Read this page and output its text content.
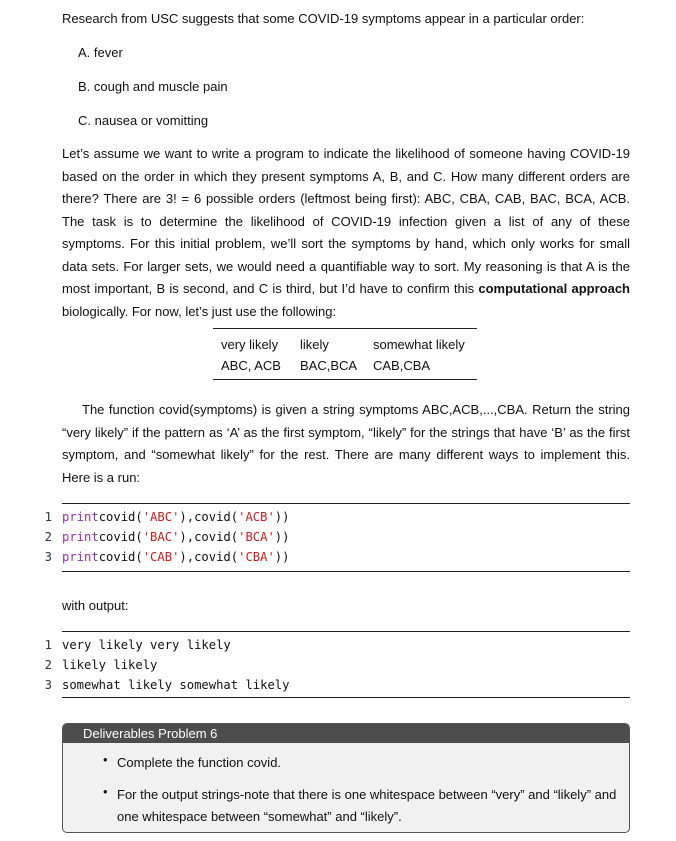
Research from USC suggests that some COVID-19 symptoms appear in a particular order:
A. fever
B. cough and muscle pain
C. nausea or vomitting
Let’s assume we want to write a program to indicate the likelihood of someone having COVID-19 based on the order in which they present symptoms A, B, and C. How many different orders are there? There are 3! = 6 possible orders (leftmost being first): ABC, CBA, CAB, BAC, BCA, ACB. The task is to determine the likelihood of COVID-19 infection given a list of any of these symptoms. For this initial problem, we’ll sort the symptoms by hand, which only works for small data sets. For larger sets, we would need a quantifiable way to sort. My reasoning is that A is the most important, B is second, and C is third, but I’d have to confirm this computational approach biologically. For now, let’s just use the following:
very likely likely	somewhat likely
ABC, ACB BAC,BCA CAB,CBA
The function covid(symptoms) is given a string symptoms ABC,ACB,...,CBA. Return the string “very likely” if the pattern as ‘A’ as the first symptom, “likely” for the strings that have ‘B’ as the first symptom, and “somewhat likely” for the rest. There are many different ways to implement this. Here is a run:
1 printcovid('ABC'),covid('ACB'))
2 printcovid('BAC'),covid('BCA'))
3 printcovid('CAB'),covid('CBA'))
with output:
1 very likely very likely
2 likely likely
3 somewhat likely somewhat likely
Deliverables Problem 6
• Complete the function covid.
• For the output strings-note that there is one whitespace between “very” and “likely” and one whitespace between “somewhat” and “likely”.
